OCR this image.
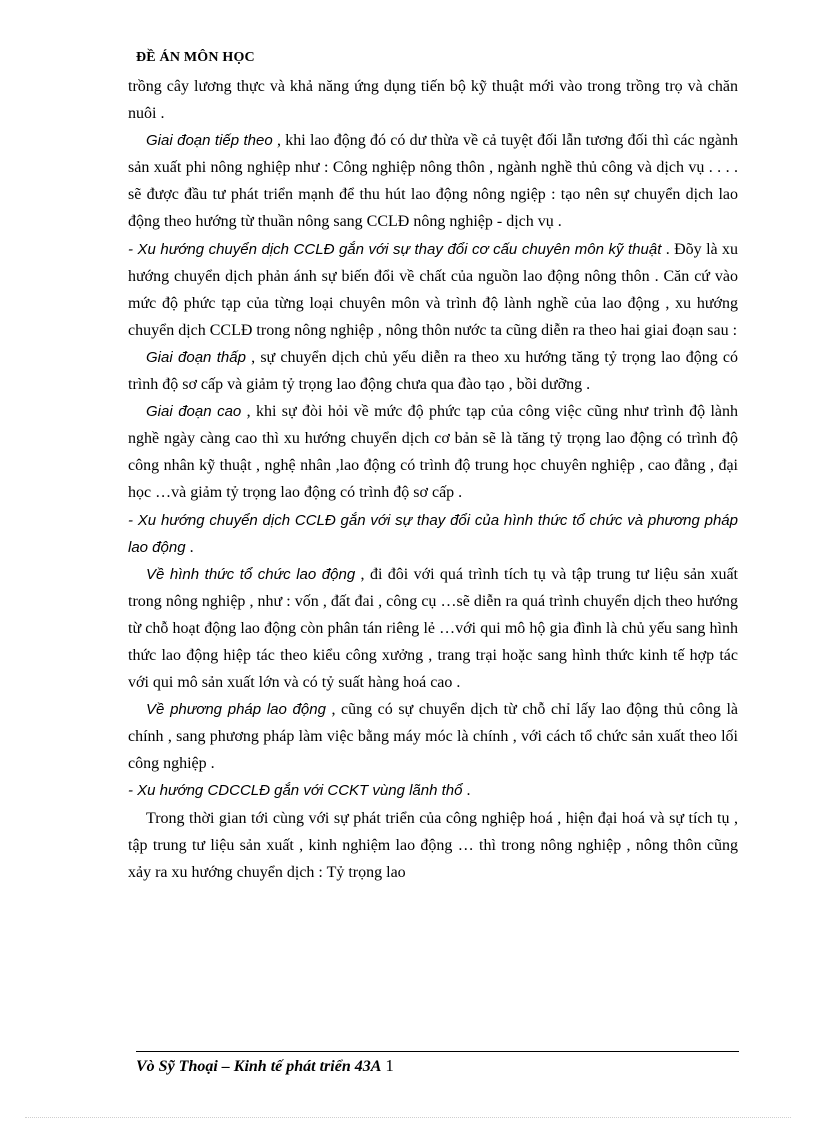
ĐỀ ÁN MÔN HỌC

trồng cây lương thực và khả năng ứng dụng tiến bộ kỹ thuật mới vào trong trồng trọ và chăn nuôi .

Giai đoạn tiếp theo , khi lao động đó có dư thừa về cả tuyệt đối lẫn tương đối thì các ngành sản xuất phi nông nghiệp như : Công nghiệp nông thôn , ngành nghề thủ công và dịch vụ . . . . sẽ được đầu tư phát triển mạnh để thu hút lao động nông ngiệp : tạo nên sự chuyển dịch lao động theo hướng từ thuần nông sang CCLĐ nông nghiệp - dịch vụ .

- Xu hướng chuyển dịch CCLĐ gắn với sự thay đổi cơ cấu chuyên môn kỹ thuật . Đõy là xu hướng chuyển dịch phản ánh sự biến đổi về chất của nguồn lao động nông thôn . Căn cứ vào mức độ phức tạp của từng loại chuyên môn và trình độ lành nghề của lao động , xu hướng chuyển dịch CCLĐ trong nông nghiệp , nông thôn nước ta cũng diễn ra theo hai giai đoạn sau :

Giai đoạn thấp , sự chuyển dịch chủ yếu diễn ra theo xu hướng tăng tỷ trọng lao động có trình độ sơ cấp và giảm tỷ trọng lao động chưa qua đào tạo , bồi dưỡng .

Giai đoạn cao , khi sự đòi hỏi về mức độ phức tạp của công việc cũng như trình độ lành nghề ngày càng cao thì xu hướng chuyển dịch cơ bản sẽ là tăng tỷ trọng lao động có trình độ công nhân kỹ thuật , nghệ nhân ,lao động có trình độ trung học chuyên nghiệp , cao đẳng , đại học …và giảm tỷ trọng lao động có trình độ sơ cấp .

- Xu hướng chuyển dịch CCLĐ gắn với sự thay đổi của hình thức tổ chức và phương pháp lao động .

Về hình thức tổ chức lao động , đi đôi với quá trình tích tụ và tập trung tư liệu sản xuất trong nông nghiệp , như : vốn , đất đai , công cụ …sẽ diễn ra quá trình chuyển dịch theo hướng từ chỗ hoạt động lao động còn phân tán riêng lẻ …với qui mô hộ gia đình là chủ yếu sang hình thức lao động hiệp tác theo kiểu công xưởng , trang trại hoặc sang hình thức kinh tế hợp tác với qui mô sản xuất lớn và có tỷ suất hàng hoá cao .

Về phương pháp lao động , cũng có sự chuyển dịch từ chỗ chỉ lấy lao động thủ công là chính , sang phương pháp làm việc bằng máy móc là chính , với cách tổ chức sản xuất theo lối công nghiệp .

- Xu hướng CDCCLĐ gắn với CCKT vùng lãnh thổ .

Trong thời gian tới cùng với sự phát triển của công nghiệp hoá , hiện đại hoá và sự tích tụ , tập trung tư liệu sản xuất , kinh nghiệm lao động … thì trong nông nghiệp , nông thôn cũng xảy ra xu hướng chuyển dịch : Tỷ trọng lao

Vò Sỹ Thoại – Kinh tế phát triển 43A 1
